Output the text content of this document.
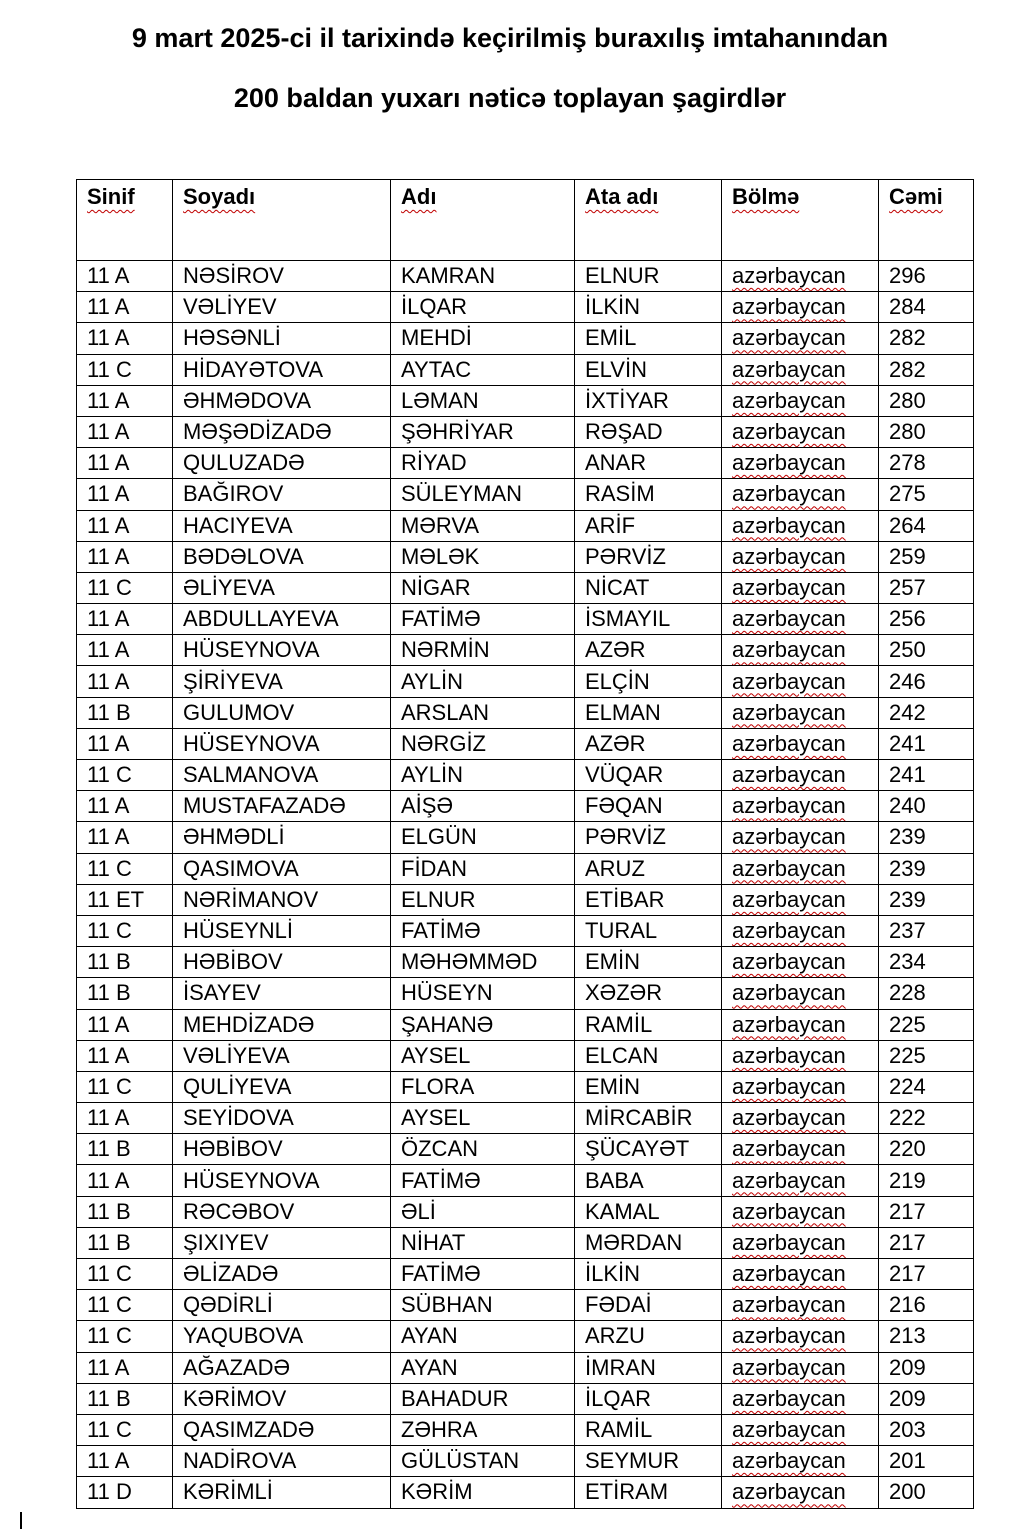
9 mart 2025-ci il tarixində keçirilmiş buraxılış imtahanından
200 baldan yuxarı nəticə toplayan şagirdlər
Sinif	Soyadı	Adı	Ata adı	Bölmə	Cəmi
11 A	NƏSİROV	KAMRAN	ELNUR	azərbaycan	296
11 A	VƏLİYEV	İLQAR	İLKİN	azərbaycan	284
11 A	HƏSƏNLİ	MEHDİ	EMİL	azərbaycan	282
11 C	HİDAYƏTOVA	AYTAC	ELVİN	azərbaycan	282
11 A	ƏHMƏDOVA	LƏMAN	İXTİYAR	azərbaycan	280
11 A	MƏŞƏDİZADƏ	ŞƏHRİYAR	RƏŞAD	azərbaycan	280
11 A	QULUZADƏ	RİYAD	ANAR	azərbaycan	278
11 A	BAĞIROV	SÜLEYMAN	RASİM	azərbaycan	275
11 A	HACIYEVA	MƏRVA	ARİF	azərbaycan	264
11 A	BƏDƏLOVA	MƏLƏK	PƏRVİZ	azərbaycan	259
11 C	ƏLİYEVA	NİGAR	NİCAT	azərbaycan	257
11 A	ABDULLAYEVA	FATİMƏ	İSMAYIL	azərbaycan	256
11 A	HÜSEYNOVA	NƏRMİN	AZƏR	azərbaycan	250
11 A	ŞİRİYEVA	AYLİN	ELÇİN	azərbaycan	246
11 B	GULUMOV	ARSLAN	ELMAN	azərbaycan	242
11 A	HÜSEYNOVA	NƏRGİZ	AZƏR	azərbaycan	241
11 C	SALMANOVA	AYLİN	VÜQAR	azərbaycan	241
11 A	MUSTAFAZADƏ	AİŞƏ	FƏQAN	azərbaycan	240
11 A	ƏHMƏDLİ	ELGÜN	PƏRVİZ	azərbaycan	239
11 C	QASIMOVA	FİDAN	ARUZ	azərbaycan	239
11 ET	NƏRİMANOV	ELNUR	ETİBAR	azərbaycan	239
11 C	HÜSEYNLİ	FATİMƏ	TURAL	azərbaycan	237
11 B	HƏBİBOV	MƏHƏMMƏD	EMİN	azərbaycan	234
11 B	İSAYEV	HÜSEYN	XƏZƏR	azərbaycan	228
11 A	MEHDİZADƏ	ŞAHANƏ	RAMİL	azərbaycan	225
11 A	VƏLİYEVA	AYSEL	ELCAN	azərbaycan	225
11 C	QULİYEVA	FLORA	EMİN	azərbaycan	224
11 A	SEYİDOVA	AYSEL	MİRCABİR	azərbaycan	222
11 B	HƏBİBOV	ÖZCAN	ŞÜCAYƏT	azərbaycan	220
11 A	HÜSEYNOVA	FATİMƏ	BABA	azərbaycan	219
11 B	RƏCƏBOV	ƏLİ	KAMAL	azərbaycan	217
11 B	ŞIXIYEV	NİHAT	MƏRDAN	azərbaycan	217
11 C	ƏLİZADƏ	FATİMƏ	İLKİN	azərbaycan	217
11 C	QƏDİRLİ	SÜBHAN	FƏDAİ	azərbaycan	216
11 C	YAQUBOVA	AYAN	ARZU	azərbaycan	213
11 A	AĞAZADƏ	AYAN	İMRAN	azərbaycan	209
11 B	KƏRİMOV	BAHADUR	İLQAR	azərbaycan	209
11 C	QASIMZADƏ	ZƏHRA	RAMİL	azərbaycan	203
11 A	NADİROVA	GÜLÜSTAN	SEYMUR	azərbaycan	201
11 D	KƏRİMLİ	KƏRİM	ETİRAM	azərbaycan	200
